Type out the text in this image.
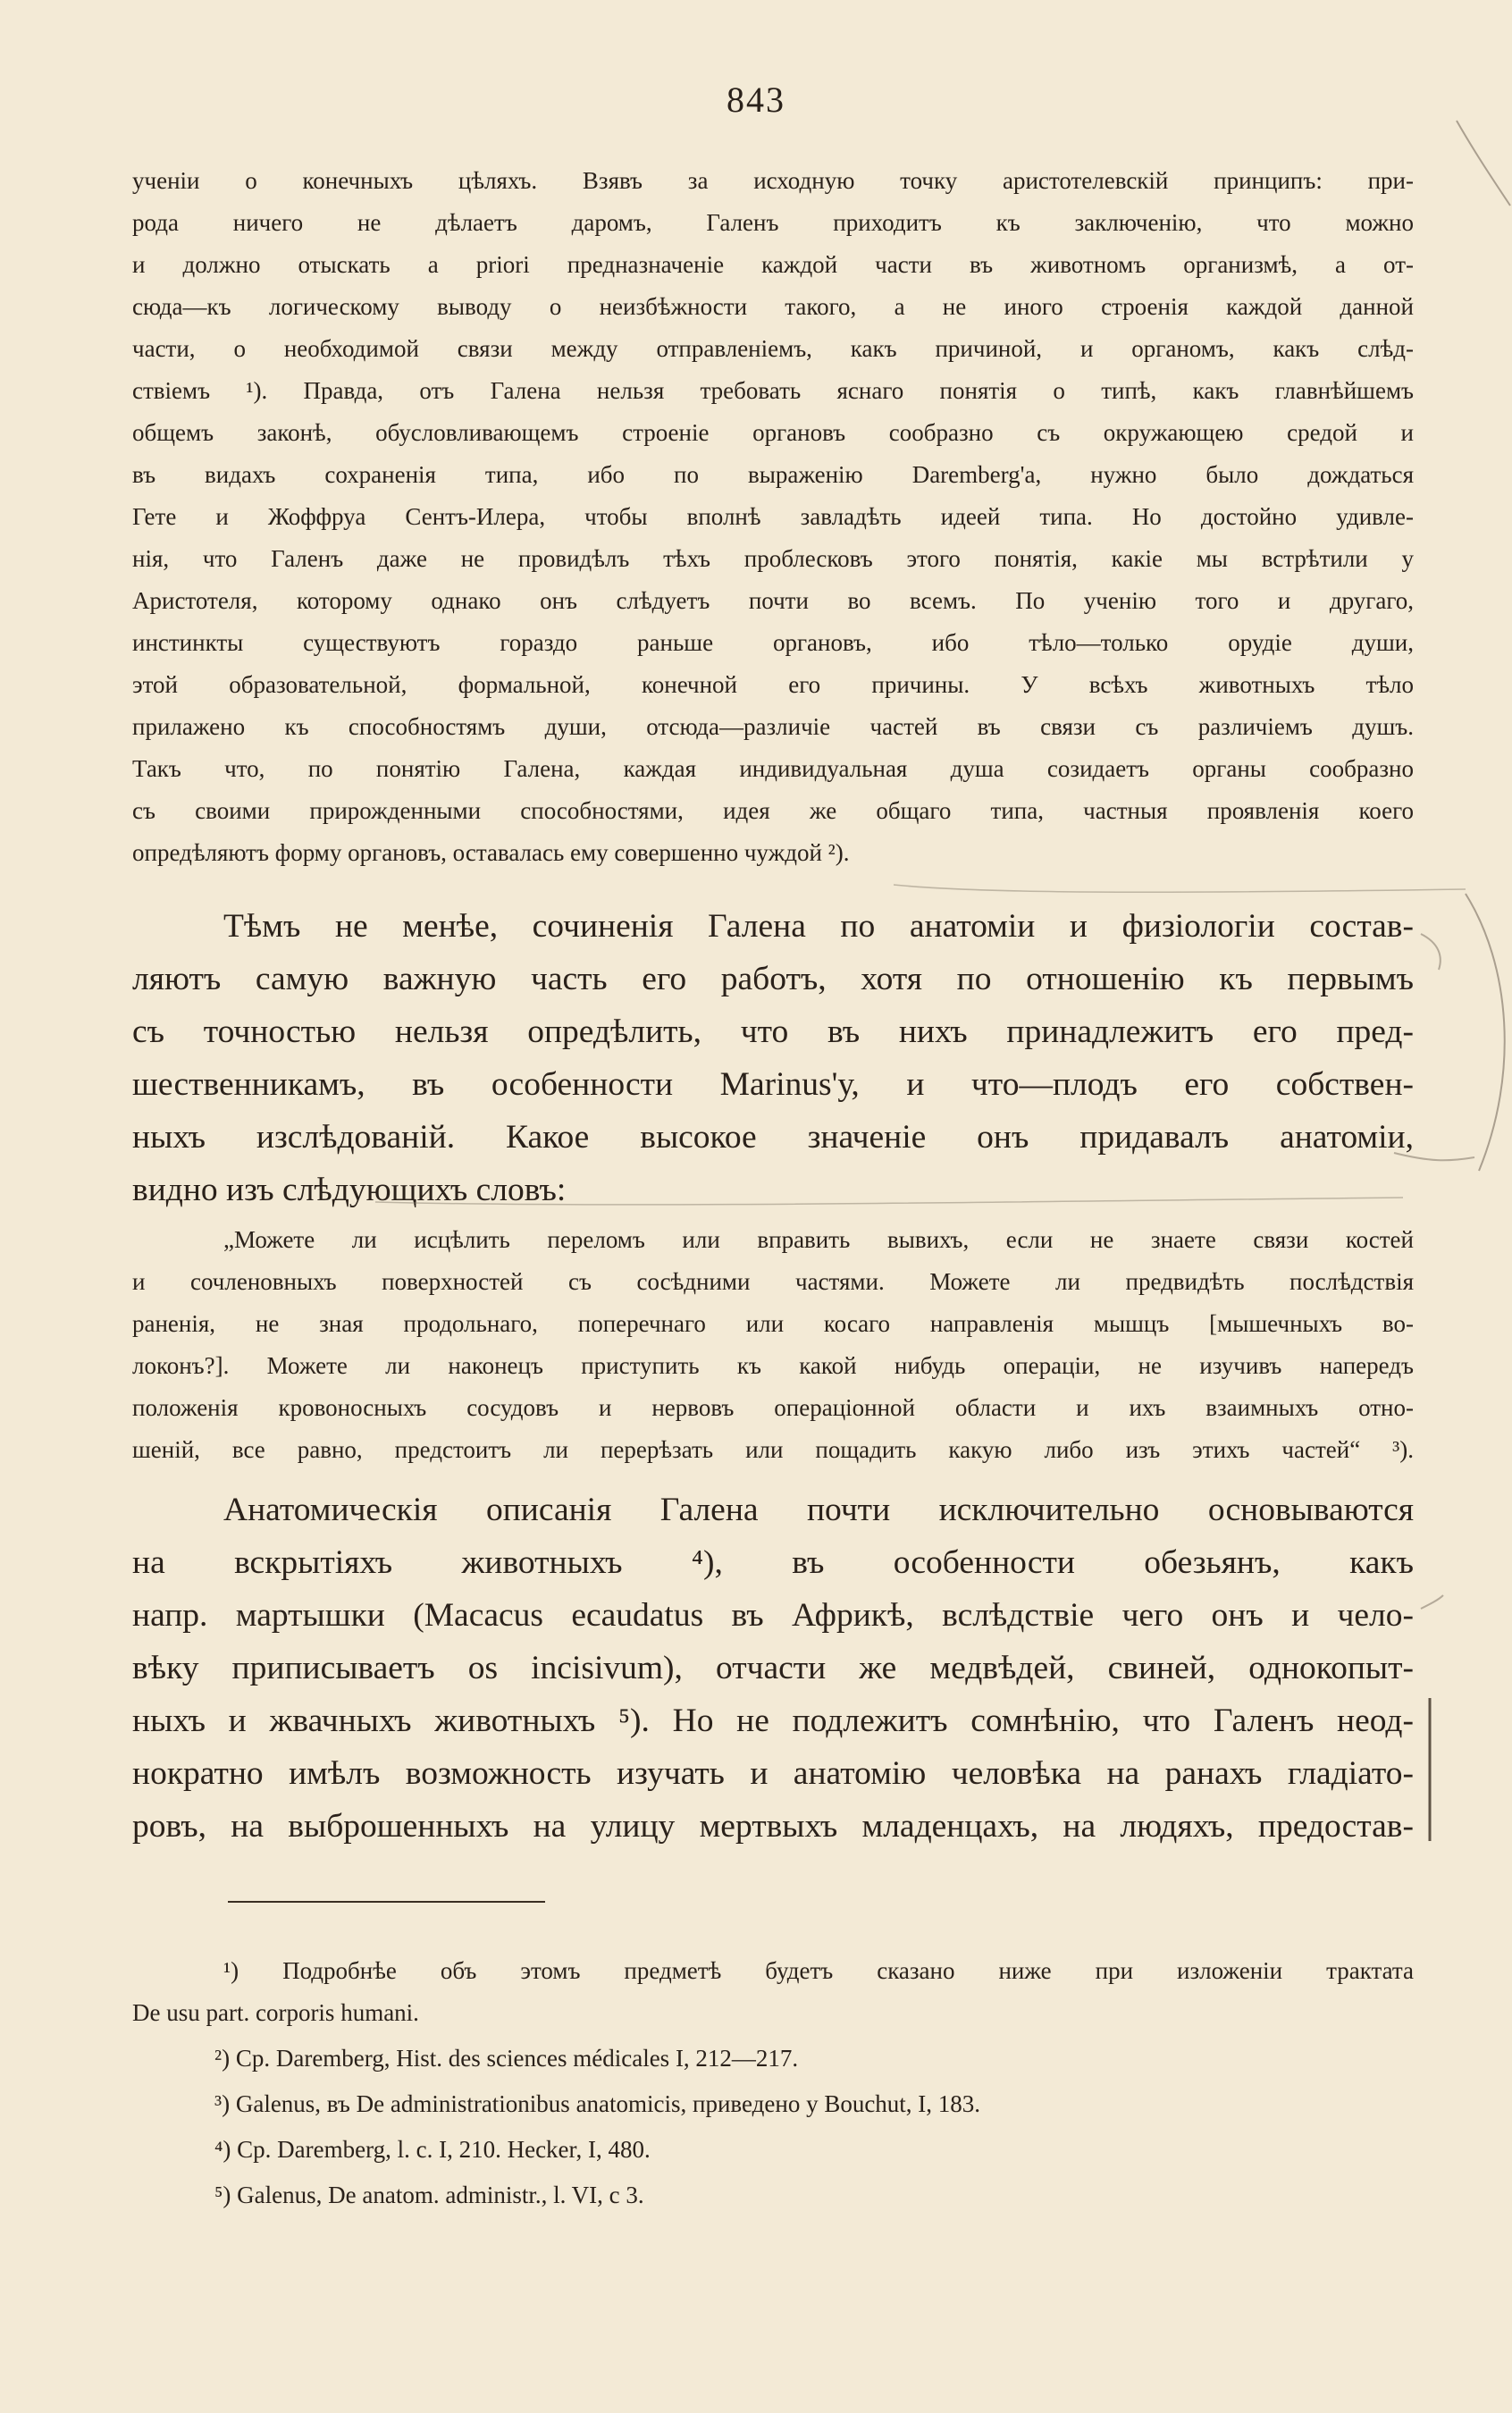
843
ученіи о конечныхъ цѣляхъ. Взявъ за исходную точку аристотелевскій принципъ: при-
рода ничего не дѣлаетъ даромъ, Галенъ приходитъ къ заключенію, что можно
и должно отыскать a priori предназначеніе каждой части въ животномъ организмѣ, а от-
сюда—къ логическому выводу о неизбѣжности такого, а не иного строенія каждой данной
части, о необходимой связи между отправленіемъ, какъ причиной, и органомъ, какъ слѣд-
ствіемъ ¹). Правда, отъ Галена нельзя требовать яснаго понятія о типѣ, какъ главнѣйшемъ
общемъ законѣ, обусловливающемъ строеніе органовъ сообразно съ окружающею средой и
въ видахъ сохраненія типа, ибо по выраженію Daremberg'а, нужно было дождаться
Гете и Жоффруа Сентъ-Илера, чтобы вполнѣ завладѣть идеей типа. Но достойно удивле-
нія, что Галенъ даже не провидѣлъ тѣхъ проблесковъ этого понятія, какіе мы встрѣтили у
Аристотеля, которому однако онъ слѣдуетъ почти во всемъ. По ученію того и другаго,
инстинкты существуютъ гораздо раньше органовъ, ибо тѣло—только орудіе души,
этой образовательной, формальной, конечной его причины. У всѣхъ животныхъ тѣло
прилажено къ способностямъ души, отсюда—различіе частей въ связи съ различіемъ душъ.
Такъ что, по понятію Галена, каждая индивидуальная душа созидаетъ органы сообразно
съ своими прирожденными способностями, идея же общаго типа, частныя проявленія коего
опредѣляютъ форму органовъ, оставалась ему совершенно чуждой ²).
Тѣмъ не менѣе, сочиненія Галена по анатоміи и физіологіи состав-
ляютъ самую важную часть его работъ, хотя по отношенію къ первымъ
съ точностью нельзя опредѣлить, что въ нихъ принадлежитъ его пред-
шественникамъ, въ особенности Marinus'у, и что—плодъ его собствен-
ныхъ изслѣдованій. Какое высокое значеніе онъ придавалъ анатоміи,
видно изъ слѣдующихъ словъ:
„Можете ли исцѣлить переломъ или вправить вывихъ, если не знаете связи костей
и сочленовныхъ поверхностей съ сосѣдними частями. Можете ли предвидѣть послѣдствія
раненія, не зная продольнаго, поперечнаго или косаго направленія мышцъ [мышечныхъ во-
локонъ?]. Можете ли наконецъ приступить къ какой нибудь операціи, не изучивъ напередъ
положенія кровоносныхъ сосудовъ и нервовъ операціонной области и ихъ взаимныхъ отно-
шеній, все равно, предстоитъ ли перерѣзать или пощадить какую либо изъ этихъ частей“ ³).
Анатомическія описанія Галена почти исключительно основываются
на вскрытіяхъ животныхъ ⁴), въ особенности обезьянъ, какъ
напр. мартышки (Macacus ecaudatus въ Африкѣ, вслѣдствіе чего онъ и чело-
вѣку приписываетъ os incisivum), отчасти же медвѣдей, свиней, однокопыт-
ныхъ и жвачныхъ животныхъ ⁵). Но не подлежитъ сомнѣнію, что Галенъ неод-
нократно имѣлъ возможность изучать и анатомію человѣка на ранахъ гладіато-
ровъ, на выброшенныхъ на улицу мертвыхъ младенцахъ, на людяхъ, предостав-
¹) Подробнѣе объ этомъ предметѣ будетъ сказано ниже при изложеніи трактата
De usu part. corporis humani.
²) Ср. Daremberg, Hist. des sciences médicales I, 212—217.
³) Galenus, въ De administrationibus anatomicis, приведено у Bouchut, I, 183.
⁴) Ср. Daremberg, l. c. I, 210. Hecker, I, 480.
⁵) Galenus, De anatom. administr., l. VI, c 3.
